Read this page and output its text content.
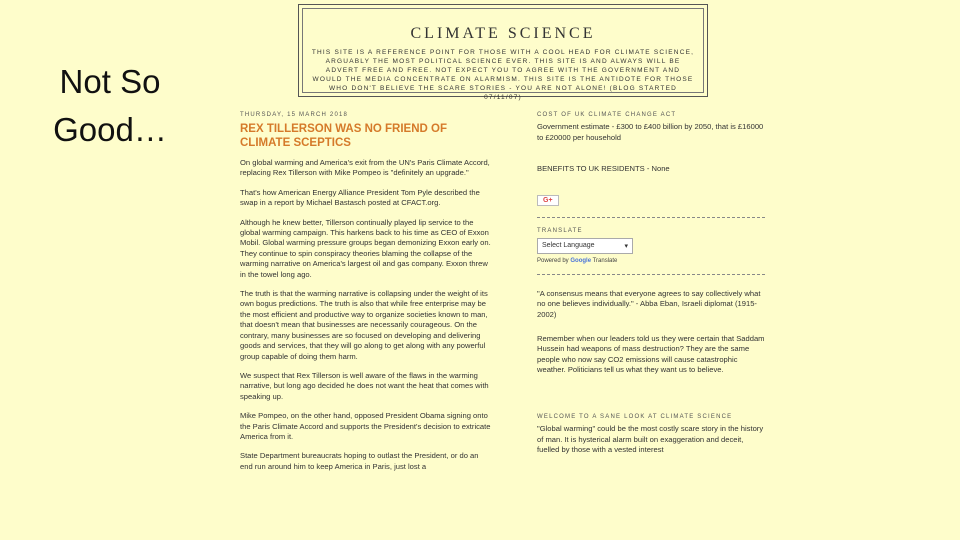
Not So Good…
CLIMATE SCIENCE
THIS SITE IS A REFERENCE POINT FOR THOSE WITH A COOL HEAD FOR CLIMATE SCIENCE, ARGUABLY THE MOST POLITICAL SCIENCE EVER. THIS SITE IS AND ALWAYS WILL BE ADVERT FREE AND FREE. NOT EXPECT YOU TO AGREE WITH THE GOVERNMENT AND WOULD THE MEDIA CONCENTRATE ON ALARMISM. THIS SITE IS THE ANTIDOTE FOR THOSE WHO DON'T BELIEVE THE SCARE STORIES - YOU ARE NOT ALONE! (BLOG STARTED 07/11/07)
THURSDAY, 15 MARCH 2018
REX TILLERSON WAS NO FRIEND OF CLIMATE SCEPTICS

On global warming and America's exit from the UN's Paris Climate Accord, replacing Rex Tillerson with Mike Pompeo is "definitely an upgrade."

That's how American Energy Alliance President Tom Pyle described the swap in a report by Michael Bastasch posted at CFACT.org.

Although he knew better, Tillerson continually played lip service to the global warming campaign. This harkens back to his time as CEO of Exxon Mobil. Global warming pressure groups began demonizing Exxon early on. They continue to spin conspiracy theories blaming the collapse of the warming narrative on America's largest oil and gas company. Exxon threw in the towel long ago.

The truth is that the warming narrative is collapsing under the weight of its own bogus predictions. The truth is also that while free enterprise may be the most efficient and productive way to organize societies known to man, that doesn't mean that businesses are necessarily courageous. On the contrary, many businesses are so focused on developing and delivering goods and services, that they will go along to get along with any powerful group capable of doing them harm.

We suspect that Rex Tillerson is well aware of the flaws in the warming narrative, but long ago decided he does not want the heat that comes with speaking up.

Mike Pompeo, on the other hand, opposed President Obama signing onto the Paris Climate Accord and supports the President's decision to extricate America from it.

State Department bureaucrats hoping to outlast the President, or do an end run around him to keep America in Paris, just lost a

COST OF UK CLIMATE CHANGE ACT
Government estimate - £300 to £400 billion by 2050, that is £16000 to £20000 per household
BENEFITS TO UK RESIDENTS - None
G+
TRANSLATE
Select Language	▾
Powered by Google Translate
"A consensus means that everyone agrees to say collectively what no one believes individually." - Abba Eban, Israeli diplomat (1915-2002)
Remember when our leaders told us they were certain that Saddam Hussein had weapons of mass destruction? They are the same people who now say CO2 emissions will cause catastrophic weather. Politicians tell us what they want us to believe.
WELCOME TO A SANE LOOK AT CLIMATE SCIENCE
"Global warming" could be the most costly scare story in the history of man. It is hysterical alarm built on exaggeration and deceit, fuelled by those with a vested interest
